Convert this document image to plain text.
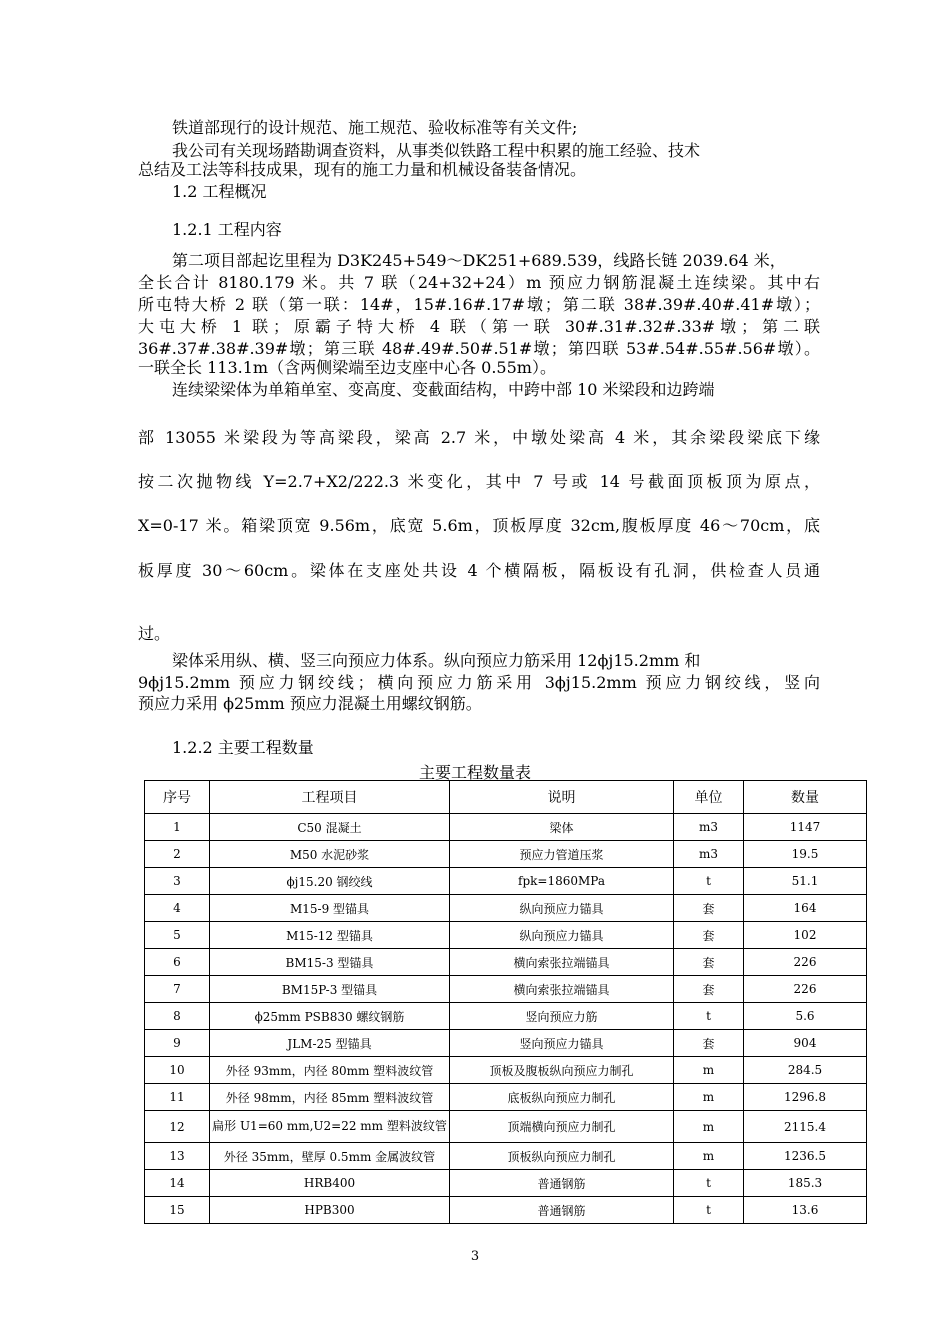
铁道部现行的设计规范、施工规范、验收标准等有关文件;
我公司有关现场踏勘调查资料，从事类似铁路工程中积累的施工经验、技术
总结及工法等科技成果，现有的施工力量和机械设备装备情况。
1.2 工程概况
1.2.1 工程内容
第二项目部起讫里程为 D3K245+549～DK251+689.539，线路长链 2039.64 米，
全长合计 8180.179 米。共 7 联（24+32+24）m 预应力钢筋混凝土连续梁。其中右
所屯特大桥 2 联（第一联：14#，15#.16#.17#墩；第二联 38#.39#.40#.41#墩）；
大屯大桥 1 联；原霸子特大桥 4 联（第一联 30#.31#.32#.33#墩；第二联
36#.37#.38#.39#墩；第三联 48#.49#.50#.51#墩；第四联 53#.54#.55#.56#墩）。
一联全长 113.1m（含两侧梁端至边支座中心各 0.55m）。
连续梁梁体为单箱单室、变高度、变截面结构，中跨中部 10 米梁段和边跨端
部 13055 米梁段为等高梁段，梁高 2.7 米，中墩处梁高 4 米，其余梁段梁底下缘
按二次抛物线 Y=2.7+X2/222.3 米变化，其中 7 号或 14 号截面顶板顶为原点，
X=0-17 米。箱梁顶宽 9.56m，底宽 5.6m，顶板厚度 32cm,腹板厚度 46～70cm，底
板厚度 30～60cm。梁体在支座处共设 4 个横隔板，隔板设有孔洞，供检查人员通
过。
梁体采用纵、横、竖三向预应力体系。纵向预应力筋采用 12ϕj15.2mm 和
9ϕj15.2mm 预应力钢绞线；横向预应力筋采用 3ϕj15.2mm 预应力钢绞线，竖向
预应力采用 ϕ25mm 预应力混凝土用螺纹钢筋。
1.2.2 主要工程数量
主要工程数量表
序号	工程项目	说明	单位	数量
1	C50 混凝土	梁体	m3	1147
2	M50 水泥砂浆	预应力管道压浆	m3	19.5
3	ϕj15.20 钢绞线	fpk=1860MPa	t	51.1
4	M15-9 型锚具	纵向预应力锚具	套	164
5	M15-12 型锚具	纵向预应力锚具	套	102
6	BM15-3 型锚具	横向索张拉端锚具	套	226
7	BM15P-3 型锚具	横向索张拉端锚具	套	226
8	ϕ25mm PSB830 螺纹钢筋	竖向预应力筋	t	5.6
9	JLM-25 型锚具	竖向预应力锚具	套	904
10	外径 93mm，内径 80mm 塑料波纹管	顶板及腹板纵向预应力制孔	m	284.5
11	外径 98mm，内径 85mm 塑料波纹管	底板纵向预应力制孔	m	1296.8
12	扁形 U1=60 mm,U2=22 mm 塑料波纹管	顶端横向预应力制孔	m	2115.4
13	外径 35mm，壁厚 0.5mm 金属波纹管	顶板纵向预应力制孔	m	1236.5
14	HRB400	普通钢筋	t	185.3
15	HPB300	普通钢筋	t	13.6
3
